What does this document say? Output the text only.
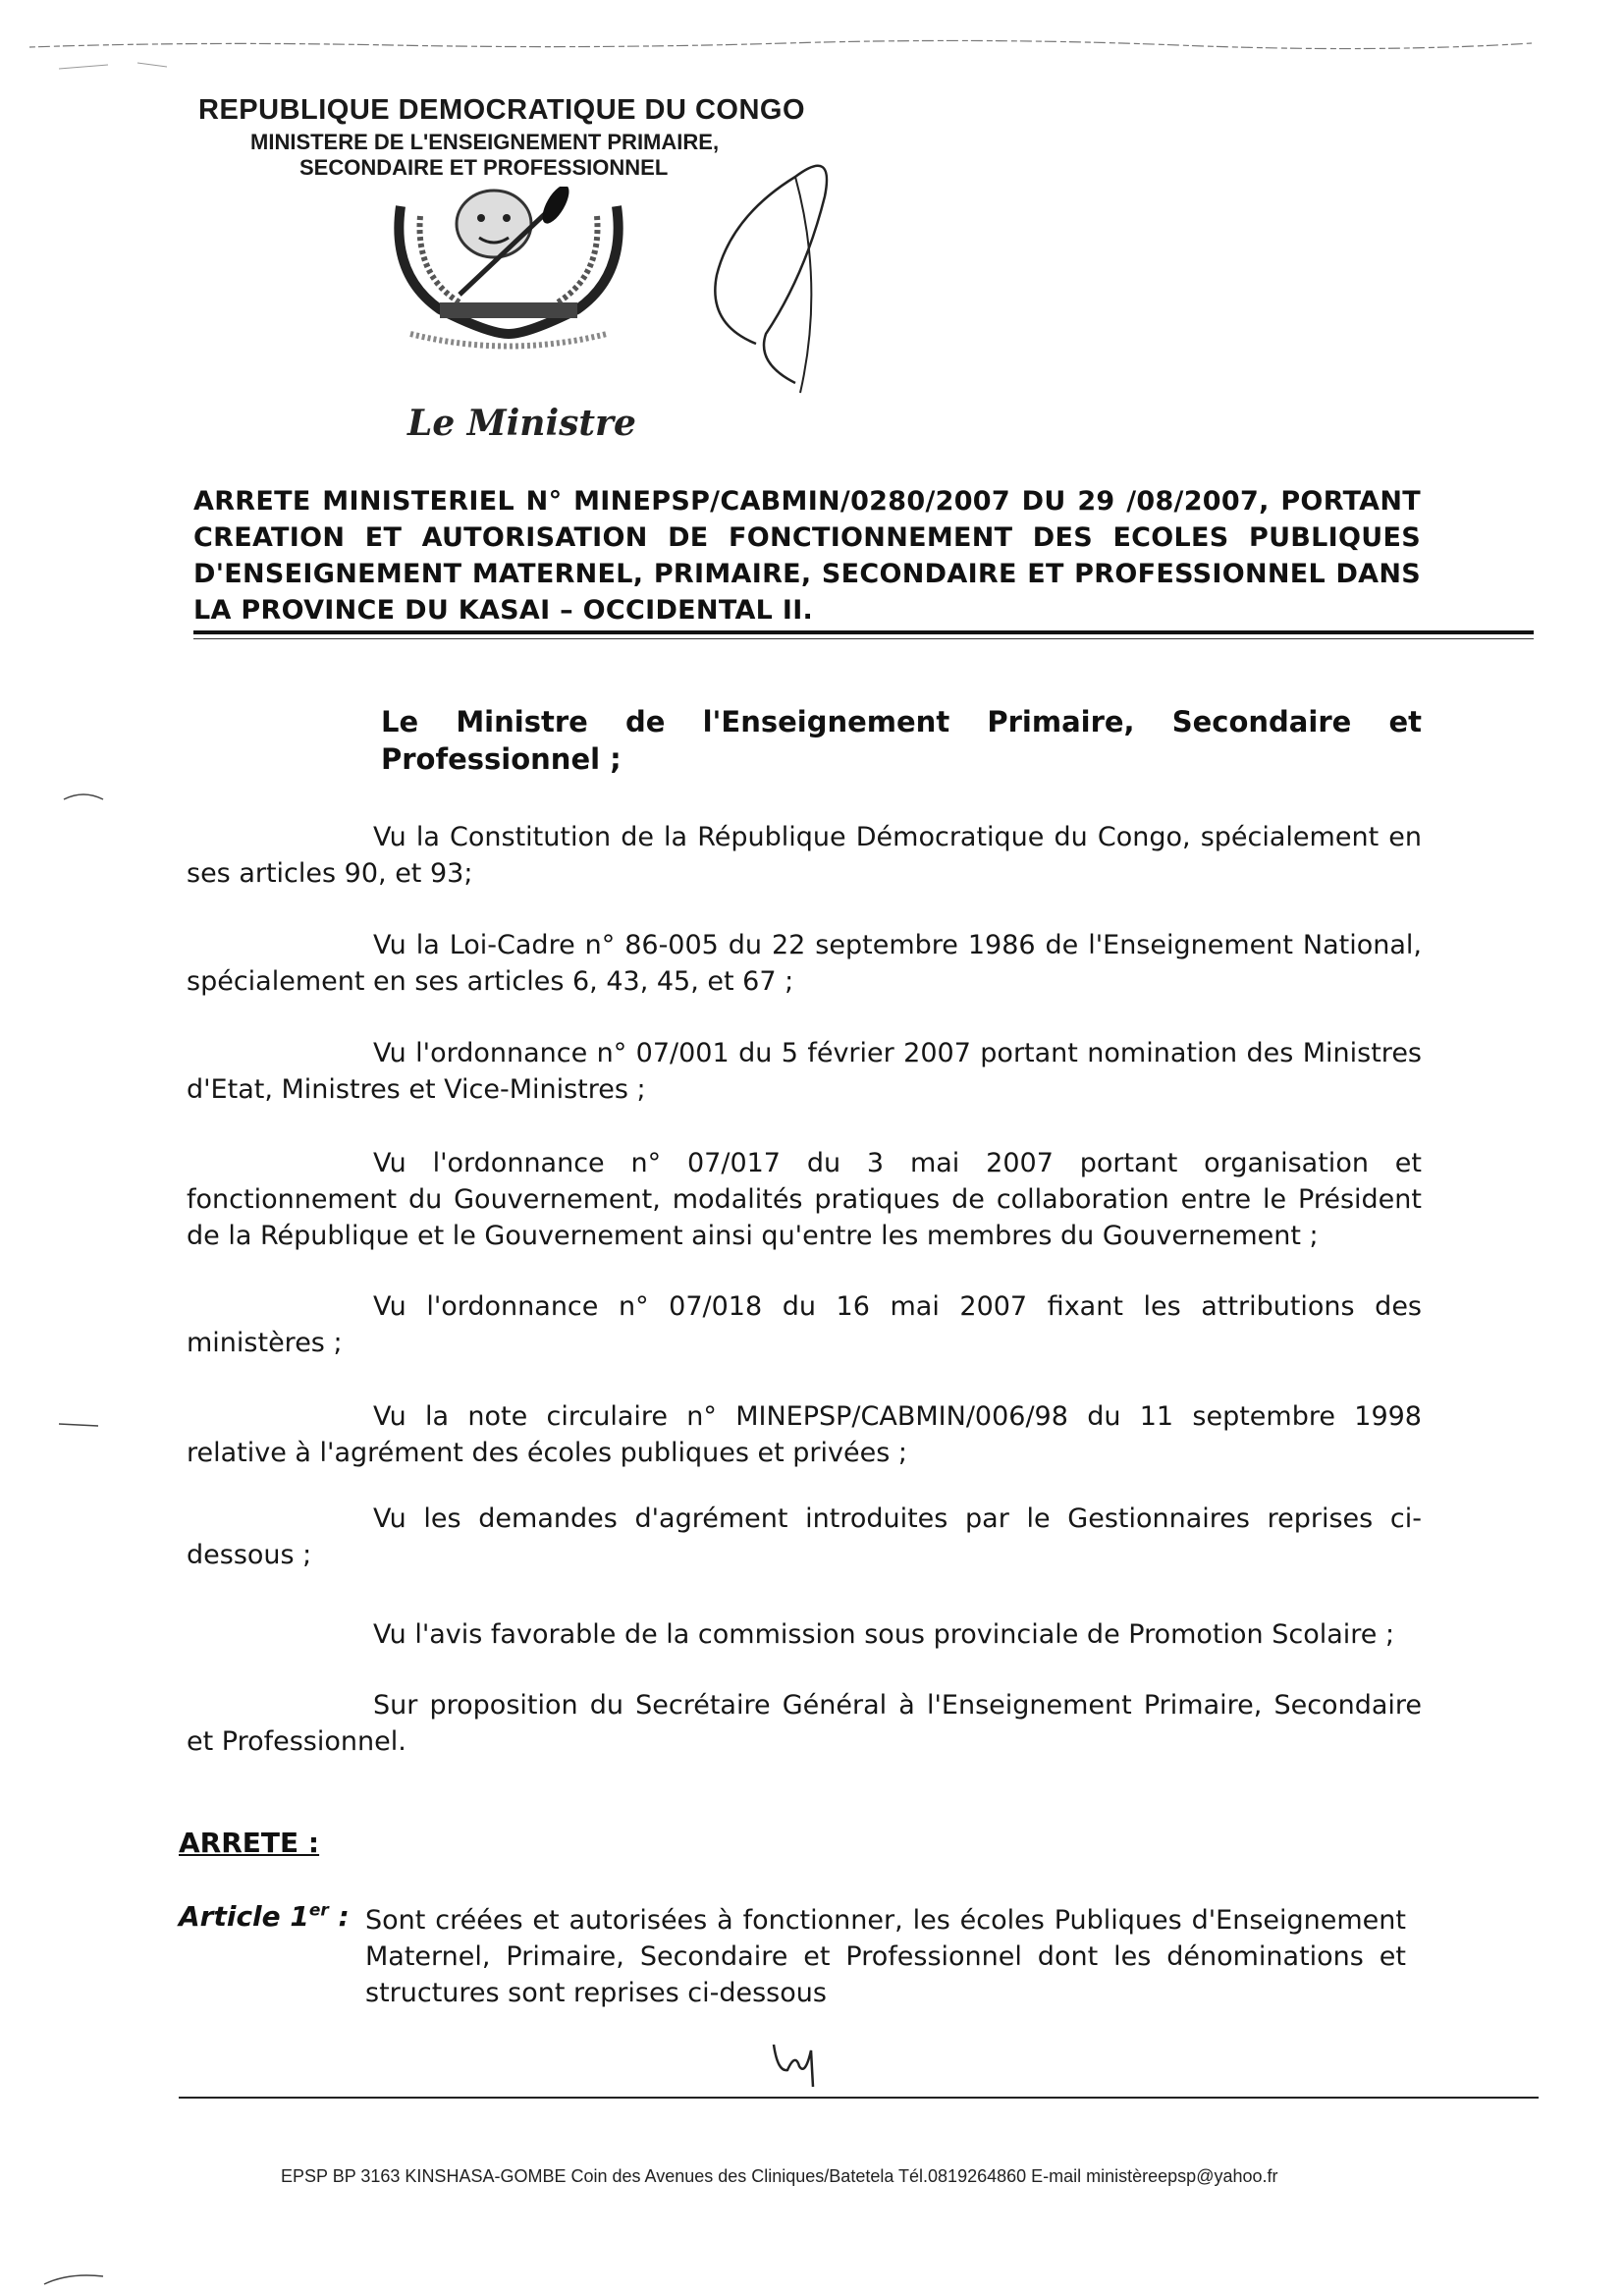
REPUBLIQUE DEMOCRATIQUE DU CONGO
MINISTERE DE L'ENSEIGNEMENT PRIMAIRE,
SECONDAIRE ET PROFESSIONNEL
Le Ministre
ARRETE MINISTERIEL N° MINEPSP/CABMIN/0280/2007 DU 29 /08/2007, PORTANT CREATION ET AUTORISATION DE FONCTIONNEMENT DES ECOLES PUBLIQUES D'ENSEIGNEMENT MATERNEL, PRIMAIRE, SECONDAIRE ET PROFESSIONNEL DANS LA PROVINCE DU KASAI – OCCIDENTAL II.
Le Ministre de l'Enseignement Primaire, Secondaire et Professionnel ;
Vu la Constitution de la République Démocratique du Congo, spécialement en ses articles 90, et 93;
Vu la Loi-Cadre n° 86-005 du 22 septembre 1986 de l'Enseignement National, spécialement en ses articles 6, 43, 45, et 67 ;
Vu l'ordonnance n° 07/001 du 5 février 2007 portant nomination des Ministres d'Etat, Ministres et Vice-Ministres ;
Vu l'ordonnance n° 07/017 du 3 mai 2007 portant organisation et fonctionnement du Gouvernement, modalités pratiques de collaboration entre le Président de la République et le Gouvernement ainsi qu'entre les membres du Gouvernement ;
Vu l'ordonnance n° 07/018 du 16 mai 2007 fixant les attributions des ministères ;
Vu la note circulaire n° MINEPSP/CABMIN/006/98 du 11 septembre 1998 relative à l'agrément des écoles publiques et privées ;
Vu les demandes d'agrément introduites par le Gestionnaires reprises ci-dessous ;
Vu l'avis favorable de la commission sous provinciale de Promotion Scolaire ;
Sur proposition du Secrétaire Général à l'Enseignement Primaire, Secondaire et Professionnel.
ARRETE :
Article 1er : Sont créées et autorisées à fonctionner, les écoles Publiques d'Enseignement Maternel, Primaire, Secondaire et Professionnel dont les dénominations et structures sont reprises ci-dessous
EPSP BP 3163 KINSHASA-GOMBE Coin des Avenues des Cliniques/Batetela Tél.0819264860 E-mail ministèreepsp@yahoo.fr
